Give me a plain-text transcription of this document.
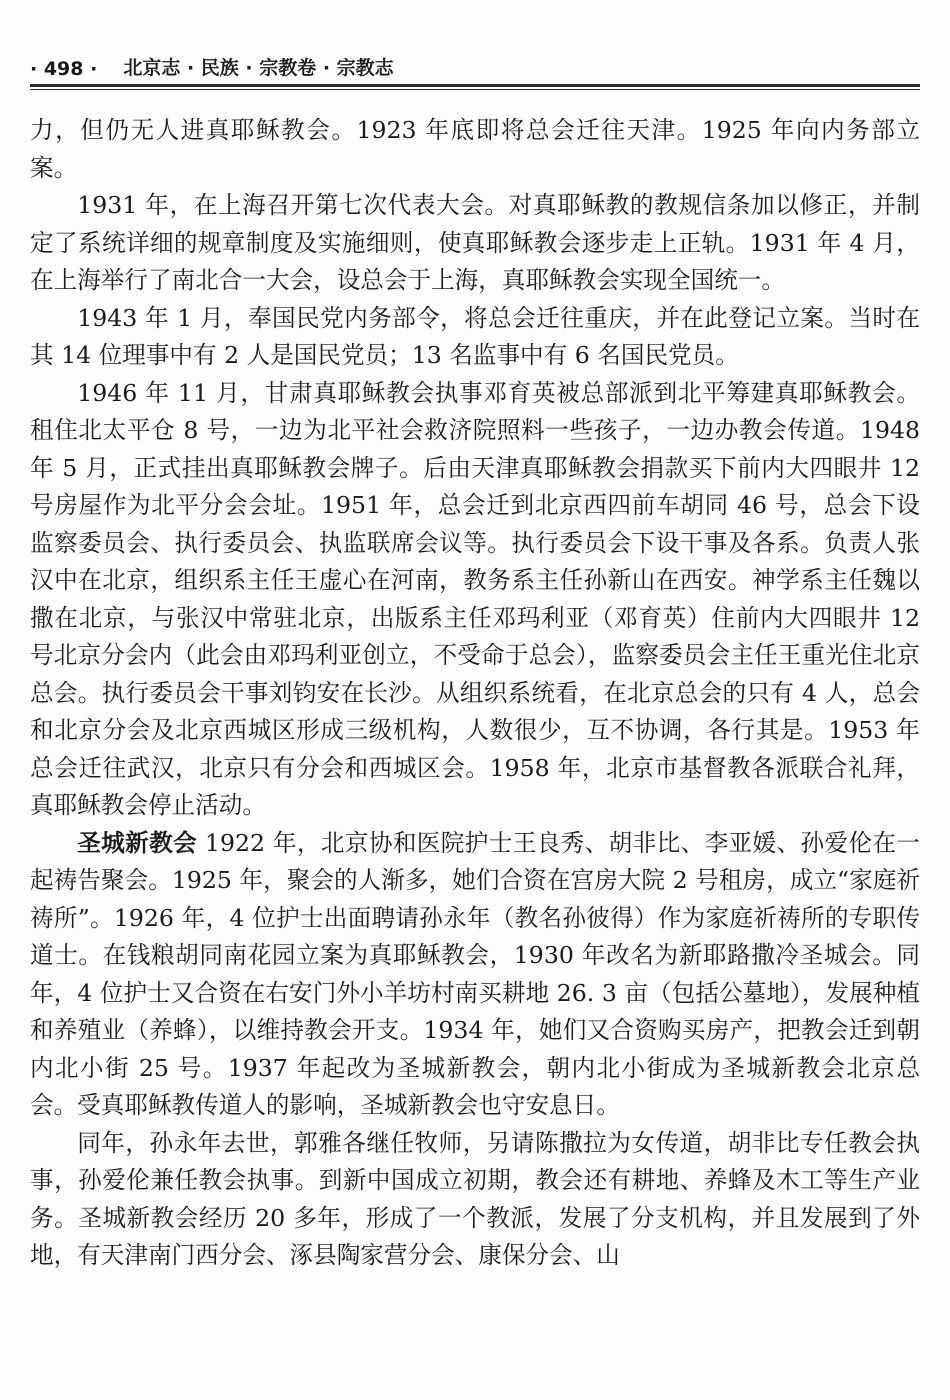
· 498 · 北京志 · 民族 · 宗教卷 · 宗教志

力，但仍无人进真耶稣教会。1923 年底即将总会迁往天津。1925 年向内务部立案。

1931 年，在上海召开第七次代表大会。对真耶稣教的教规信条加以修正，并制定了系统详细的规章制度及实施细则，使真耶稣教会逐步走上正轨。1931 年 4 月，在上海举行了南北合一大会，设总会于上海，真耶稣教会实现全国统一。

1943 年 1 月，奉国民党内务部令，将总会迁往重庆，并在此登记立案。当时在其 14 位理事中有 2 人是国民党员；13 名监事中有 6 名国民党员。

1946 年 11 月，甘肃真耶稣教会执事邓育英被总部派到北平筹建真耶稣教会。租住北太平仓 8 号，一边为北平社会救济院照料一些孩子，一边办教会传道。1948 年 5 月，正式挂出真耶稣教会牌子。后由天津真耶稣教会捐款买下前内大四眼井 12 号房屋作为北平分会会址。1951 年，总会迁到北京西四前车胡同 46 号，总会下设监察委员会、执行委员会、执监联席会议等。执行委员会下设干事及各系。负责人张汉中在北京，组织系主任王虚心在河南，教务系主任孙新山在西安。神学系主任魏以撒在北京，与张汉中常驻北京，出版系主任邓玛利亚（邓育英）住前内大四眼井 12 号北京分会内（此会由邓玛利亚创立，不受命于总会），监察委员会主任王重光住北京总会。执行委员会干事刘钧安在长沙。从组织系统看，在北京总会的只有 4 人，总会和北京分会及北京西城区形成三级机构，人数很少，互不协调，各行其是。1953 年总会迁往武汉，北京只有分会和西城区会。1958 年，北京市基督教各派联合礼拜，真耶稣教会停止活动。

圣城新教会 1922 年，北京协和医院护士王良秀、胡非比、李亚媛、孙爱伦在一起祷告聚会。1925 年，聚会的人渐多，她们合资在宫房大院 2 号租房，成立“家庭祈祷所”。1926 年，4 位护士出面聘请孙永年（教名孙彼得）作为家庭祈祷所的专职传道士。在钱粮胡同南花园立案为真耶稣教会，1930 年改名为新耶路撒冷圣城会。同年，4 位护士又合资在右安门外小羊坊村南买耕地 26. 3 亩（包括公墓地），发展种植和养殖业（养蜂），以维持教会开支。1934 年，她们又合资购买房产，把教会迁到朝内北小街 25 号。1937 年起改为圣城新教会，朝内北小街成为圣城新教会北京总会。受真耶稣教传道人的影响，圣城新教会也守安息日。

同年，孙永年去世，郭雅各继任牧师，另请陈撒拉为女传道，胡非比专任教会执事，孙爱伦兼任教会执事。到新中国成立初期，教会还有耕地、养蜂及木工等生产业务。圣城新教会经历 20 多年，形成了一个教派，发展了分支机构，并且发展到了外地，有天津南门西分会、涿县陶家营分会、康保分会、山
